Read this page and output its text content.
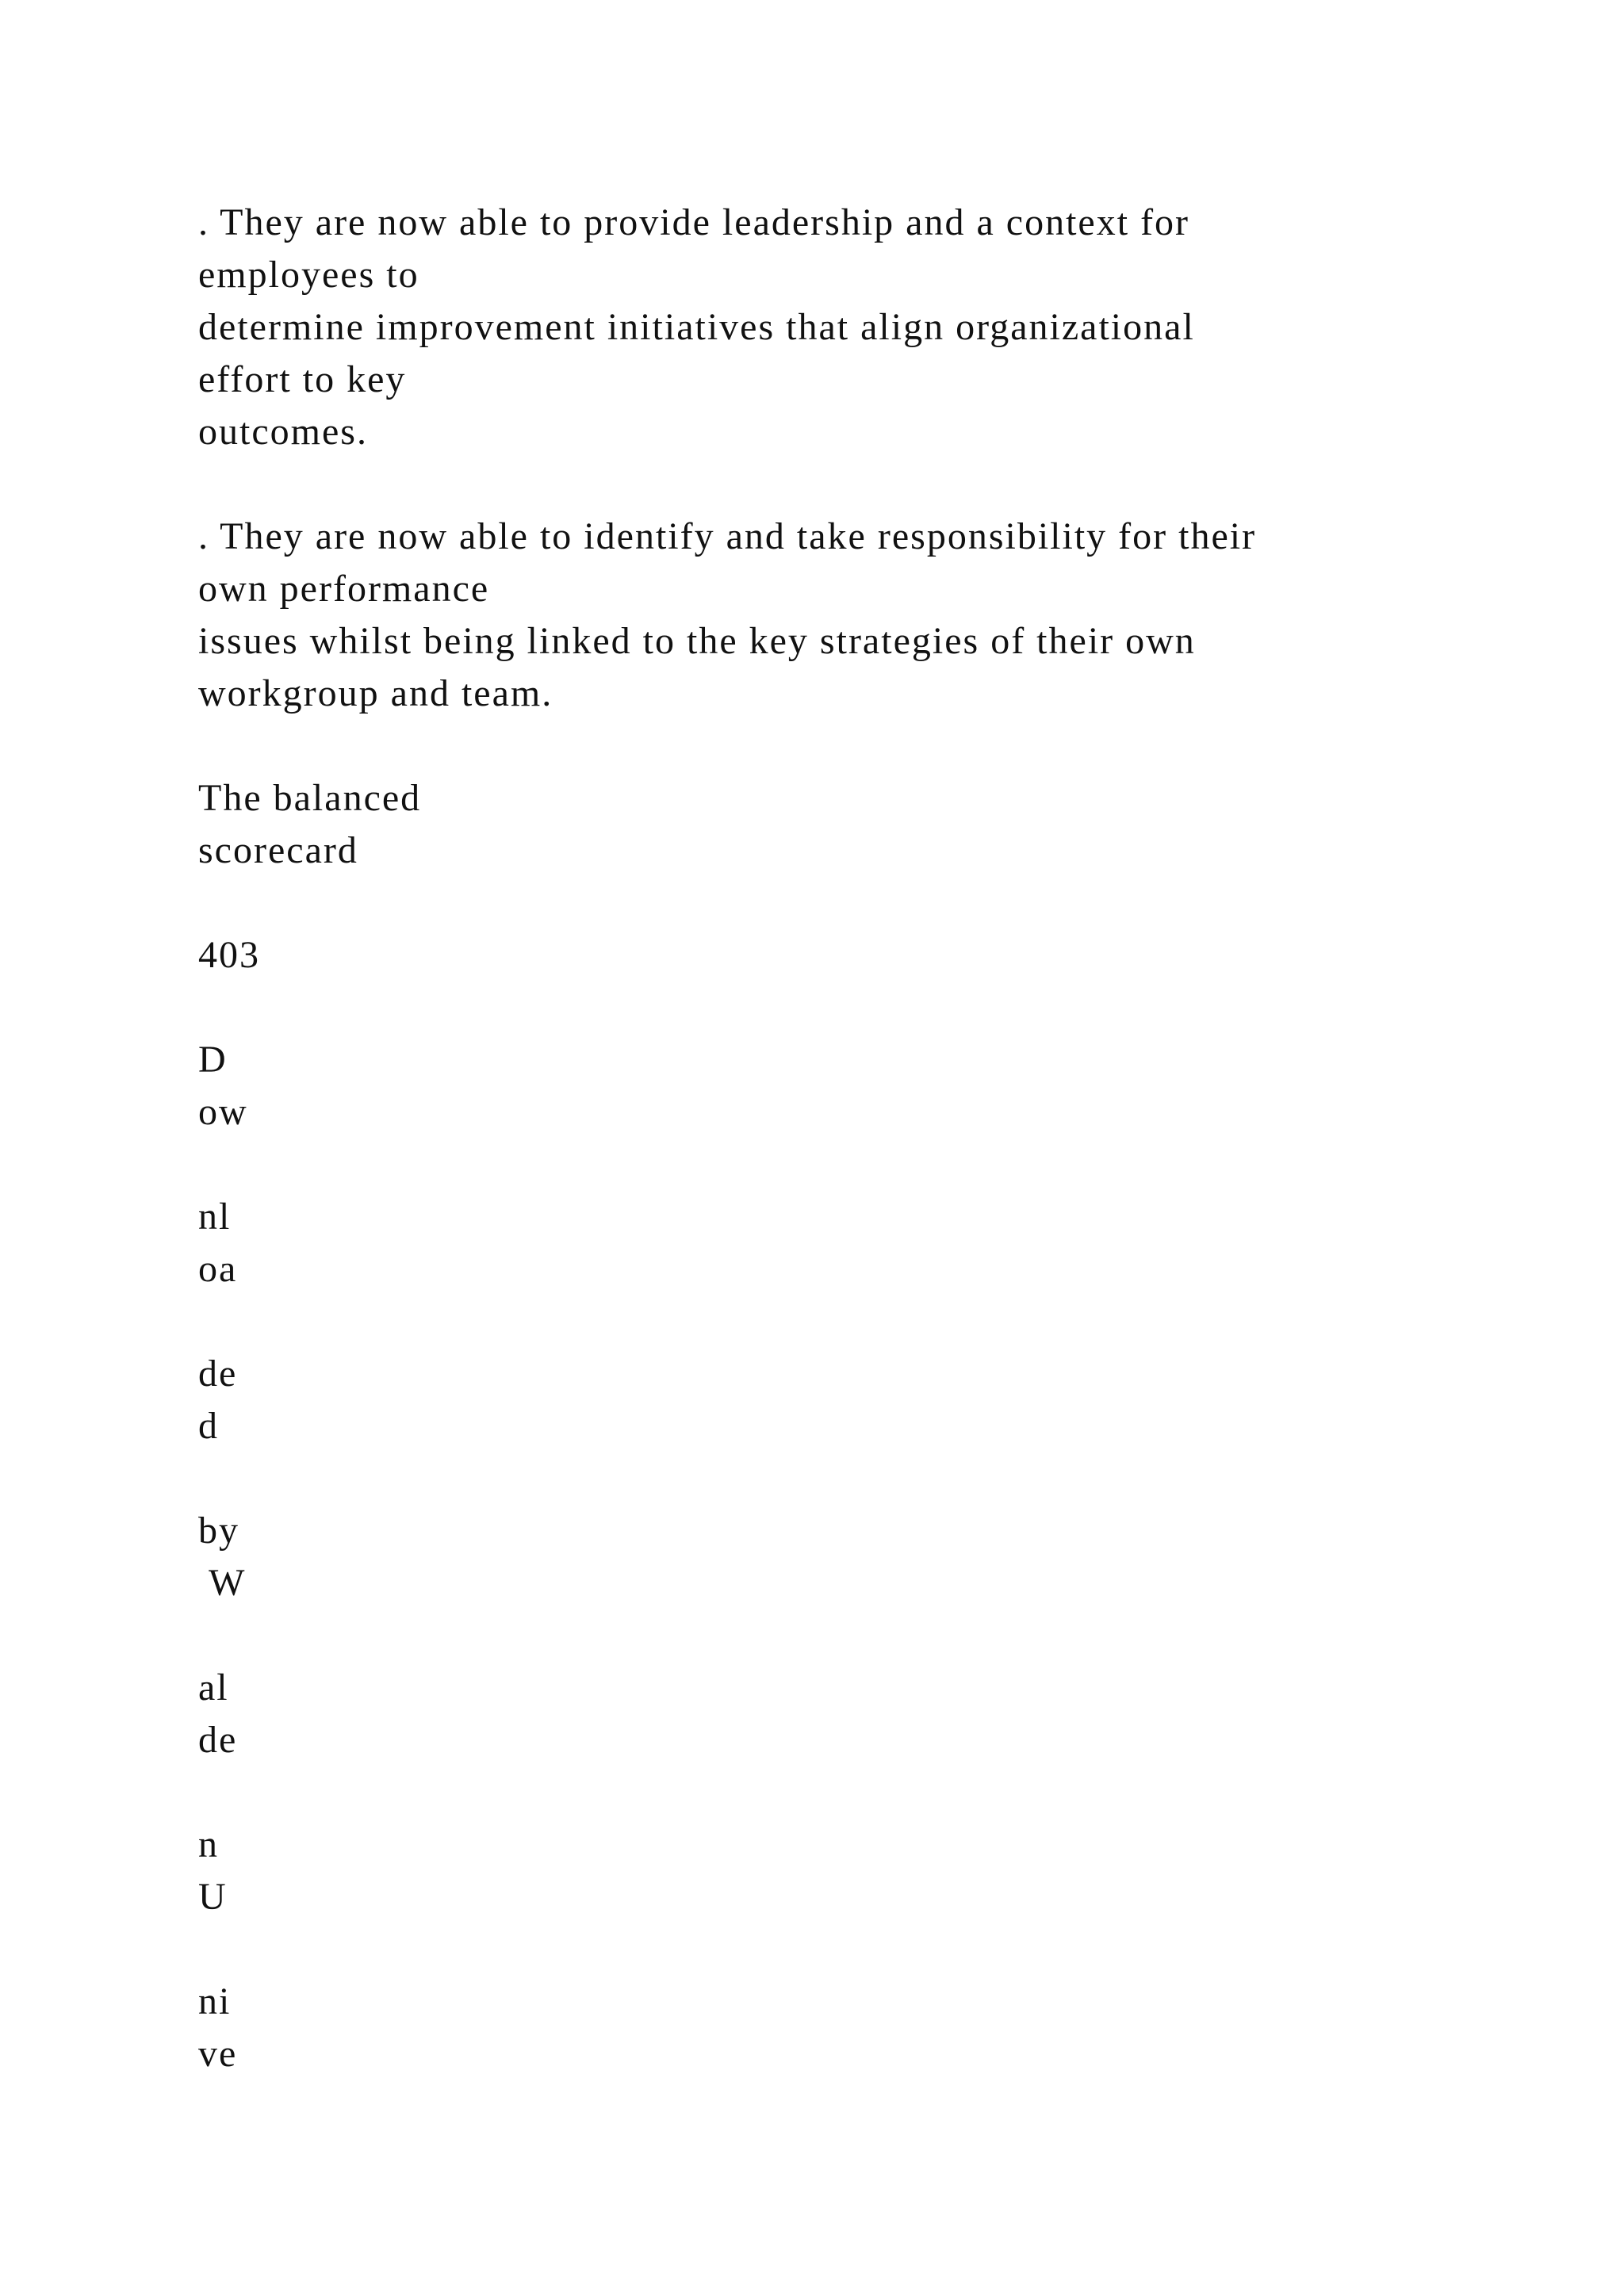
. They are now able to provide leadership and a context for
employees to
determine improvement initiatives that align organizational
effort to key
outcomes.
. They are now able to identify and take responsibility for their
own performance
issues whilst being linked to the key strategies of their own
workgroup and team.
The balanced
scorecard
403
D
ow
nl
oa
de
d
by
W
al
de
n
U
ni
ve
